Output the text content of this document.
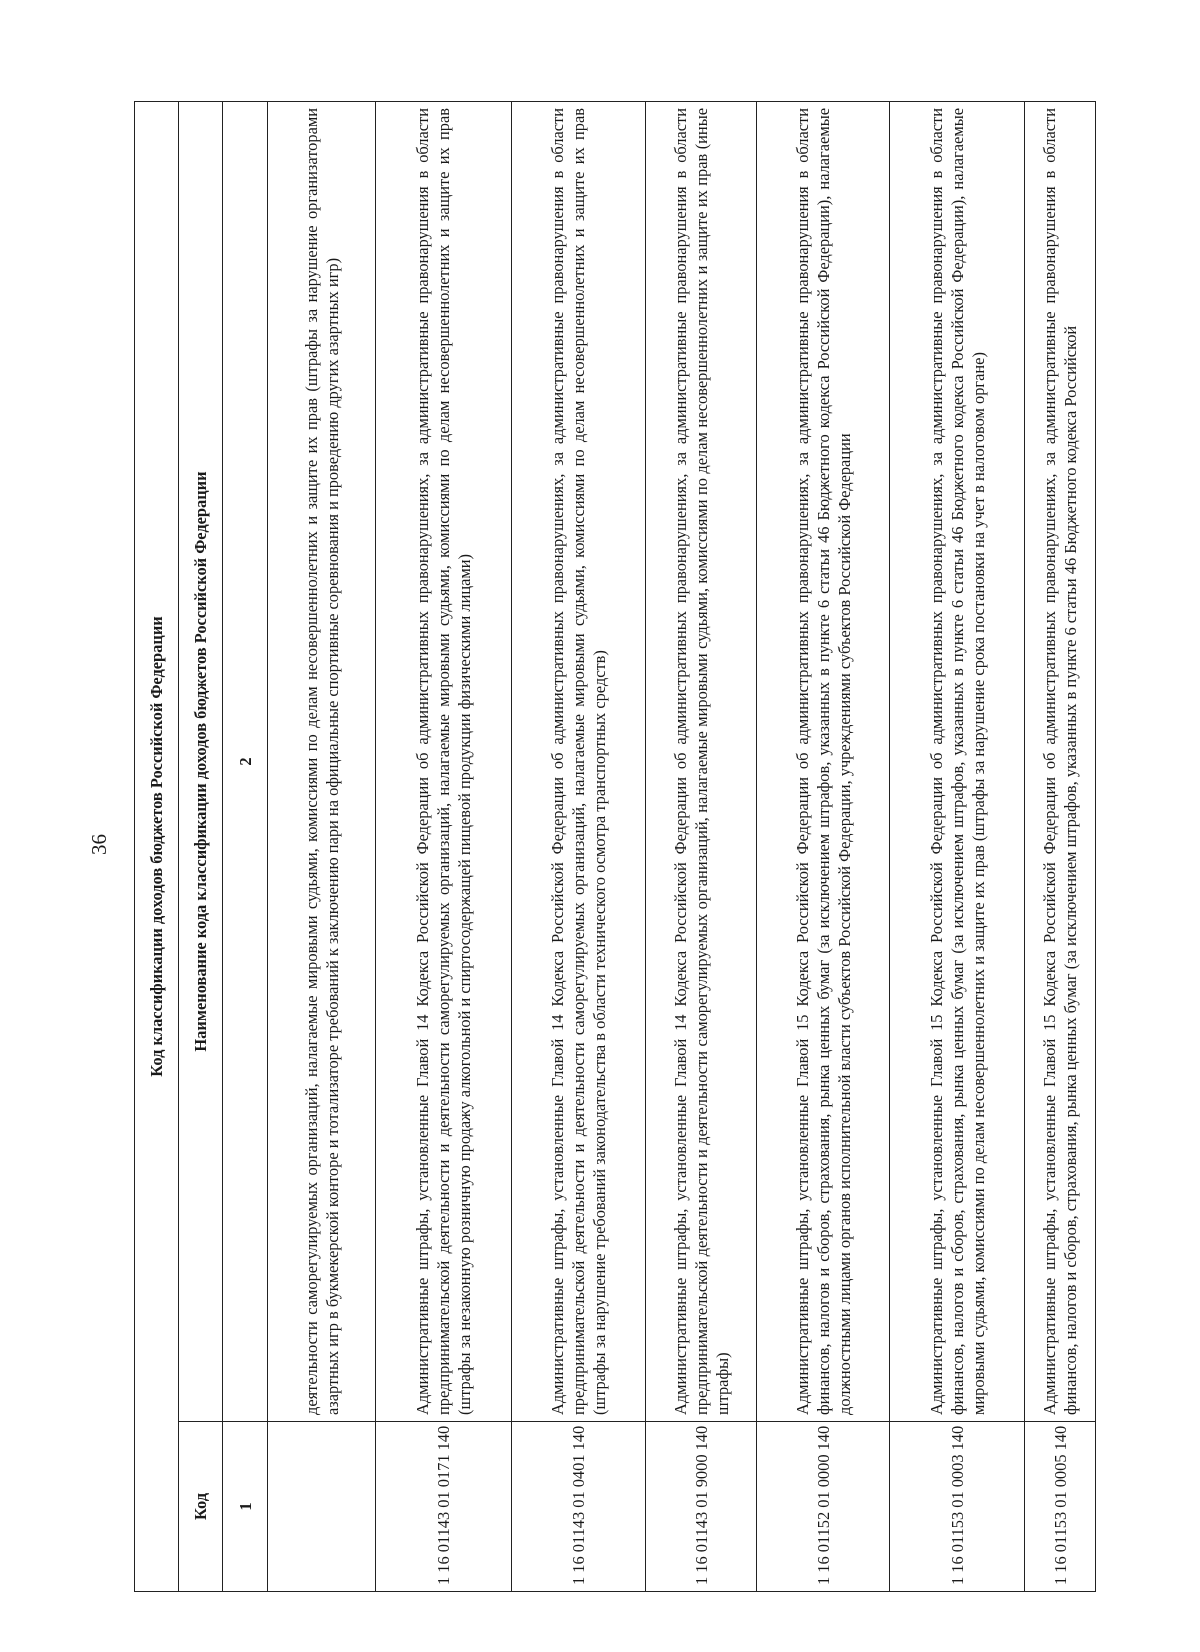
36 Код классификации доходов бюджетов Российской Федерации	
Код	Наименование кода классификации доходов бюджетов Российской Федерации
1	2
	деятельности саморегулируемых организаций, налагаемые мировыми судьями, комиссиями по делам несовершеннолетних и защите их прав (штрафы за нарушение организаторами азартных игр в букмекерской конторе и тотализаторе требований к заключению пари на официальные спортивные соревнования и проведению других азартных игр)
1 16 01143 01 0171 140	Административные штрафы, установленные Главой 14 Кодекса Российской Федерации об административных правонарушениях, за административные правонарушения в области предпринимательской деятельности и деятельности саморегулируемых организаций, налагаемые мировыми судьями, комиссиями по делам несовершеннолетних и защите их прав (штрафы за незаконную розничную продажу алкогольной и спиртосодержащей пищевой продукции физическими лицами)
1 16 01143 01 0401 140	Административные штрафы, установленные Главой 14 Кодекса Российской Федерации об административных правонарушениях, за административные правонарушения в области предпринимательской деятельности и деятельности саморегулируемых организаций, налагаемые мировыми судьями, комиссиями по делам несовершеннолетних и защите их прав (штрафы за нарушение требований законодательства в области технического осмотра транспортных средств)
1 16 01143 01 9000 140	Административные штрафы, установленные Главой 14 Кодекса Российской Федерации об административных правонарушениях, за административные правонарушения в области предпринимательской деятельности и деятельности саморегулируемых организаций, налагаемые мировыми судьями, комиссиями по делам несовершеннолетних и защите их прав (иные штрафы)
1 16 01152 01 0000 140	Административные штрафы, установленные Главой 15 Кодекса Российской Федерации об административных правонарушениях, за административные правонарушения в области финансов, налогов и сборов, страхования, рынка ценных бумаг (за исключением штрафов, указанных в пункте 6 статьи 46 Бюджетного кодекса Российской Федерации), налагаемые должностными лицами органов исполнительной власти субъектов Российской Федерации, учреждениями субъектов Российской Федерации
1 16 01153 01 0003 140	Административные штрафы, установленные Главой 15 Кодекса Российской Федерации об административных правонарушениях, за административные правонарушения в области финансов, налогов и сборов, страхования, рынка ценных бумаг (за исключением штрафов, указанных в пункте 6 статьи 46 Бюджетного кодекса Российской Федерации), налагаемые мировыми судьями, комиссиями по делам несовершеннолетних и защите их прав (штрафы за нарушение срока постановки на учет в налоговом органе)
1 16 01153 01 0005 140	Административные штрафы, установленные Главой 15 Кодекса Российской Федерации об административных правонарушениях, за административные правонарушения в области финансов, налогов и сборов, страхования, рынка ценных бумаг (за исключением штрафов, указанных в пункте 6 статьи 46 Бюджетного кодекса Российской
